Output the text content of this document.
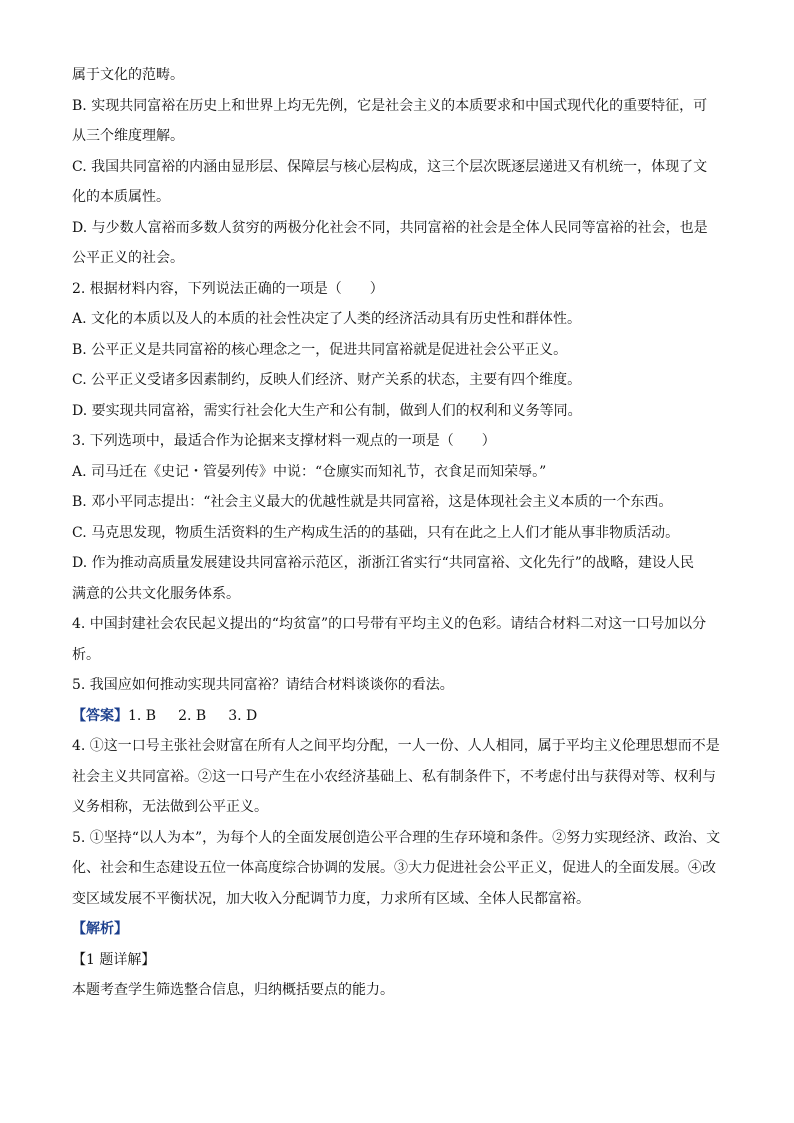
属于文化的范畴。

B. 实现共同富裕在历史上和世界上均无先例，它是社会主义的本质要求和中国式现代化的重要特征，可

从三个维度理解。

C. 我国共同富裕的内涵由显形层、保障层与核心层构成，这三个层次既逐层递进又有机统一，体现了文

化的本质属性。

D. 与少数人富裕而多数人贫穷的两极分化社会不同，共同富裕的社会是全体人民同等富裕的社会，也是

公平正义的社会。

2. 根据材料内容，下列说法正确的一项是（　　）

A. 文化的本质以及人的本质的社会性决定了人类的经济活动具有历史性和群体性。

B. 公平正义是共同富裕的核心理念之一，促进共同富裕就是促进社会公平正义。

C. 公平正义受诸多因素制约，反映人们经济、财产关系的状态，主要有四个维度。

D. 要实现共同富裕，需实行社会化大生产和公有制，做到人们的权利和义务等同。

3. 下列选项中，最适合作为论据来支撑材料一观点的一项是（　　）

A. 司马迁在《史记・管晏列传》中说：“仓廪实而知礼节，衣食足而知荣辱。”

B. 邓小平同志提出：“社会主义最大的优越性就是共同富裕，这是体现社会主义本质的一个东西。

C. 马克思发现，物质生活资料的生产构成生活的的基础，只有在此之上人们才能从事非物质活动。

D. 作为推动高质量发展建设共同富裕示范区，浙浙江省实行“共同富裕、文化先行”的战略，建设人民

满意的公共文化服务体系。

4. 中国封建社会农民起义提出的“均贫富”的口号带有平均主义的色彩。请结合材料二对这一口号加以分

析。

5. 我国应如何推动实现共同富裕？请结合材料谈谈你的看法。

【答案】1. B 2. B 3. D

4. ①这一口号主张社会财富在所有人之间平均分配，一人一份、人人相同，属于平均主义伦理思想而不是

社会主义共同富裕。②这一口号产生在小农经济基础上、私有制条件下，不考虑付出与获得对等、权利与

义务相称，无法做到公平正义。

5. ①坚持“以人为本”，为每个人的全面发展创造公平合理的生存环境和条件。②努力实现经济、政治、文

化、社会和生态建设五位一体高度综合协调的发展。③大力促进社会公平正义，促进人的全面发展。④改

变区域发展不平衡状况，加大收入分配调节力度，力求所有区域、全体人民都富裕。

【解析】

【1 题详解】

本题考查学生筛选整合信息，归纳概括要点的能力。
